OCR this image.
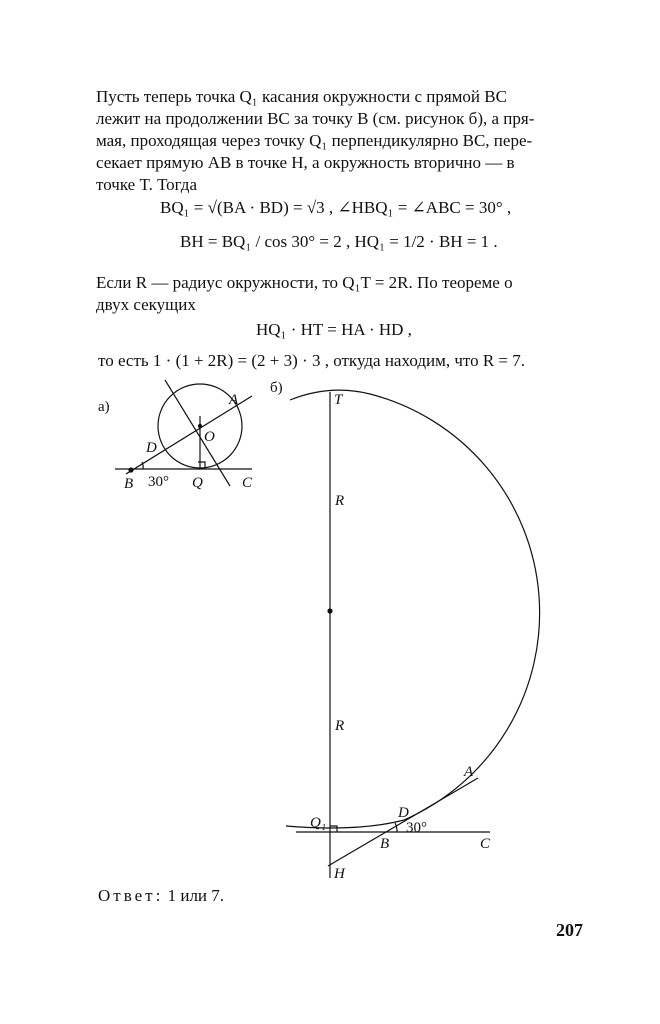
Пусть теперь точка Q₁ касания окружности с прямой BC
лежит на продолжении BC за точку B (см. рисунок б), а пря-
мая, проходящая через точку Q₁ перпендикулярно BC, пере-
секает прямую AB в точке H, а окружность вторично — в
точке T. Тогда
BQ₁ = √(BA · BD) = √3 , ∠HBQ₁ = ∠ABC = 30° ,
BH = BQ₁ / cos 30° = 2 , HQ₁ = 1/2 · BH = 1 .
Если R — радиус окружности, то Q₁T = 2R. По теореме о
двух секущих
HQ₁ · HT = HA · HD ,
то есть 1 · (1 + 2R) = (2 + 3) · 3 , откуда находим, что R = 7.
а)	A
O
D
B 30° Q	C
б)
T
R
R
A
D
30°
Q₁
B	C
H
Ответ: 1 или 7.
207
